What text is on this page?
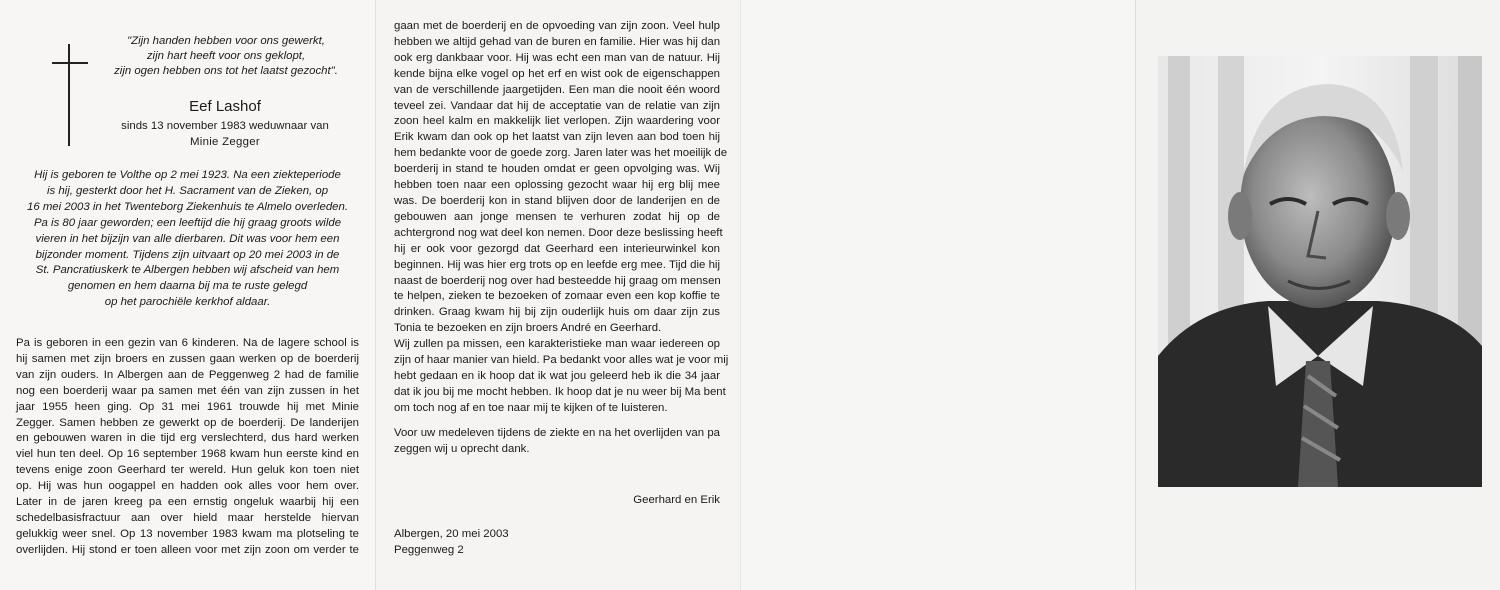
"Zijn handen hebben voor ons gewerkt,
zijn hart heeft voor ons geklopt,
zijn ogen hebben ons tot het laatst gezocht".
Eef Lashof
sinds 13 november 1983 weduwnaar van
Minie Zegger
Hij is geboren te Volthe op 2 mei 1923. Na een ziekteperiode
is hij, gesterkt door het H. Sacrament van de Zieken, op
16 mei 2003 in het Twenteborg Ziekenhuis te Almelo overleden.
Pa is 80 jaar geworden; een leeftijd die hij graag groots wilde
vieren in het bijzijn van alle dierbaren. Dit was voor hem een
bijzonder moment. Tijdens zijn uitvaart op 20 mei 2003 in de
St. Pancratiuskerk te Albergen hebben wij afscheid van hem
genomen en hem daarna bij ma te ruste gelegd
op het parochiële kerkhof aldaar.
Pa is geboren in een gezin van 6 kinderen. Na de lagere school is
hij samen met zijn broers en zussen gaan werken op de boerderij
van zijn ouders. In Albergen aan de Peggenweg 2 had de familie
nog een boerderij waar pa samen met één van zijn zussen in het
jaar 1955 heen ging. Op 31 mei 1961 trouwde hij met Minie
Zegger. Samen hebben ze gewerkt op de boerderij. De landerijen
en gebouwen waren in die tijd erg verslechterd, dus hard werken
viel hun ten deel. Op 16 september 1968 kwam hun eerste kind en
tevens enige zoon Geerhard ter wereld. Hun geluk kon toen niet
op. Hij was hun oogappel en hadden ook alles voor hem over.
Later in de jaren kreeg pa een ernstig ongeluk waarbij hij een
schedelbasisfractuur aan over hield maar herstelde hiervan
gelukkig weer snel. Op 13 november 1983 kwam ma plotseling te
overlijden. Hij stond er toen alleen voor met zijn zoon om verder te
gaan met de boerderij en de opvoeding van zijn zoon. Veel hulp
hebben we altijd gehad van de buren en familie. Hier was hij dan
ook erg dankbaar voor. Hij was echt een man van de natuur. Hij
kende bijna elke vogel op het erf en wist ook de eigenschappen
van de verschillende jaargetijden. Een man die nooit één woord
teveel zei. Vandaar dat hij de acceptatie van de relatie van zijn
zoon heel kalm en makkelijk liet verlopen. Zijn waardering voor
Erik kwam dan ook op het laatst van zijn leven aan bod toen hij
hem bedankte voor de goede zorg. Jaren later was het moeilijk de
boerderij in stand te houden omdat er geen opvolging was. Wij
hebben toen naar een oplossing gezocht waar hij erg blij mee
was. De boerderij kon in stand blijven door de landerijen en de
gebouwen aan jonge mensen te verhuren zodat hij op de
achtergrond nog wat deel kon nemen. Door deze beslissing heeft
hij er ook voor gezorgd dat Geerhard een interieurwinkel kon
beginnen. Hij was hier erg trots op en leefde erg mee. Tijd die hij
naast de boerderij nog over had besteedde hij graag om mensen
te helpen, zieken te bezoeken of zomaar even een kop koffie te
drinken. Graag kwam hij bij zijn ouderlijk huis om daar zijn zus
Tonia te bezoeken en zijn broers André en Geerhard.
Wij zullen pa missen, een karakteristieke man waar iedereen op
zijn of haar manier van hield. Pa bedankt voor alles wat je voor mij
hebt gedaan en ik hoop dat ik wat jou geleerd heb ik die 34 jaar
dat ik jou bij me mocht hebben. Ik hoop dat je nu weer bij Ma bent
om toch nog af en toe naar mij te kijken of te luisteren.
Voor uw medeleven tijdens de ziekte en na het overlijden van pa
zeggen wij u oprecht dank.
Geerhard en Erik
Albergen, 20 mei 2003
Peggenweg 2
